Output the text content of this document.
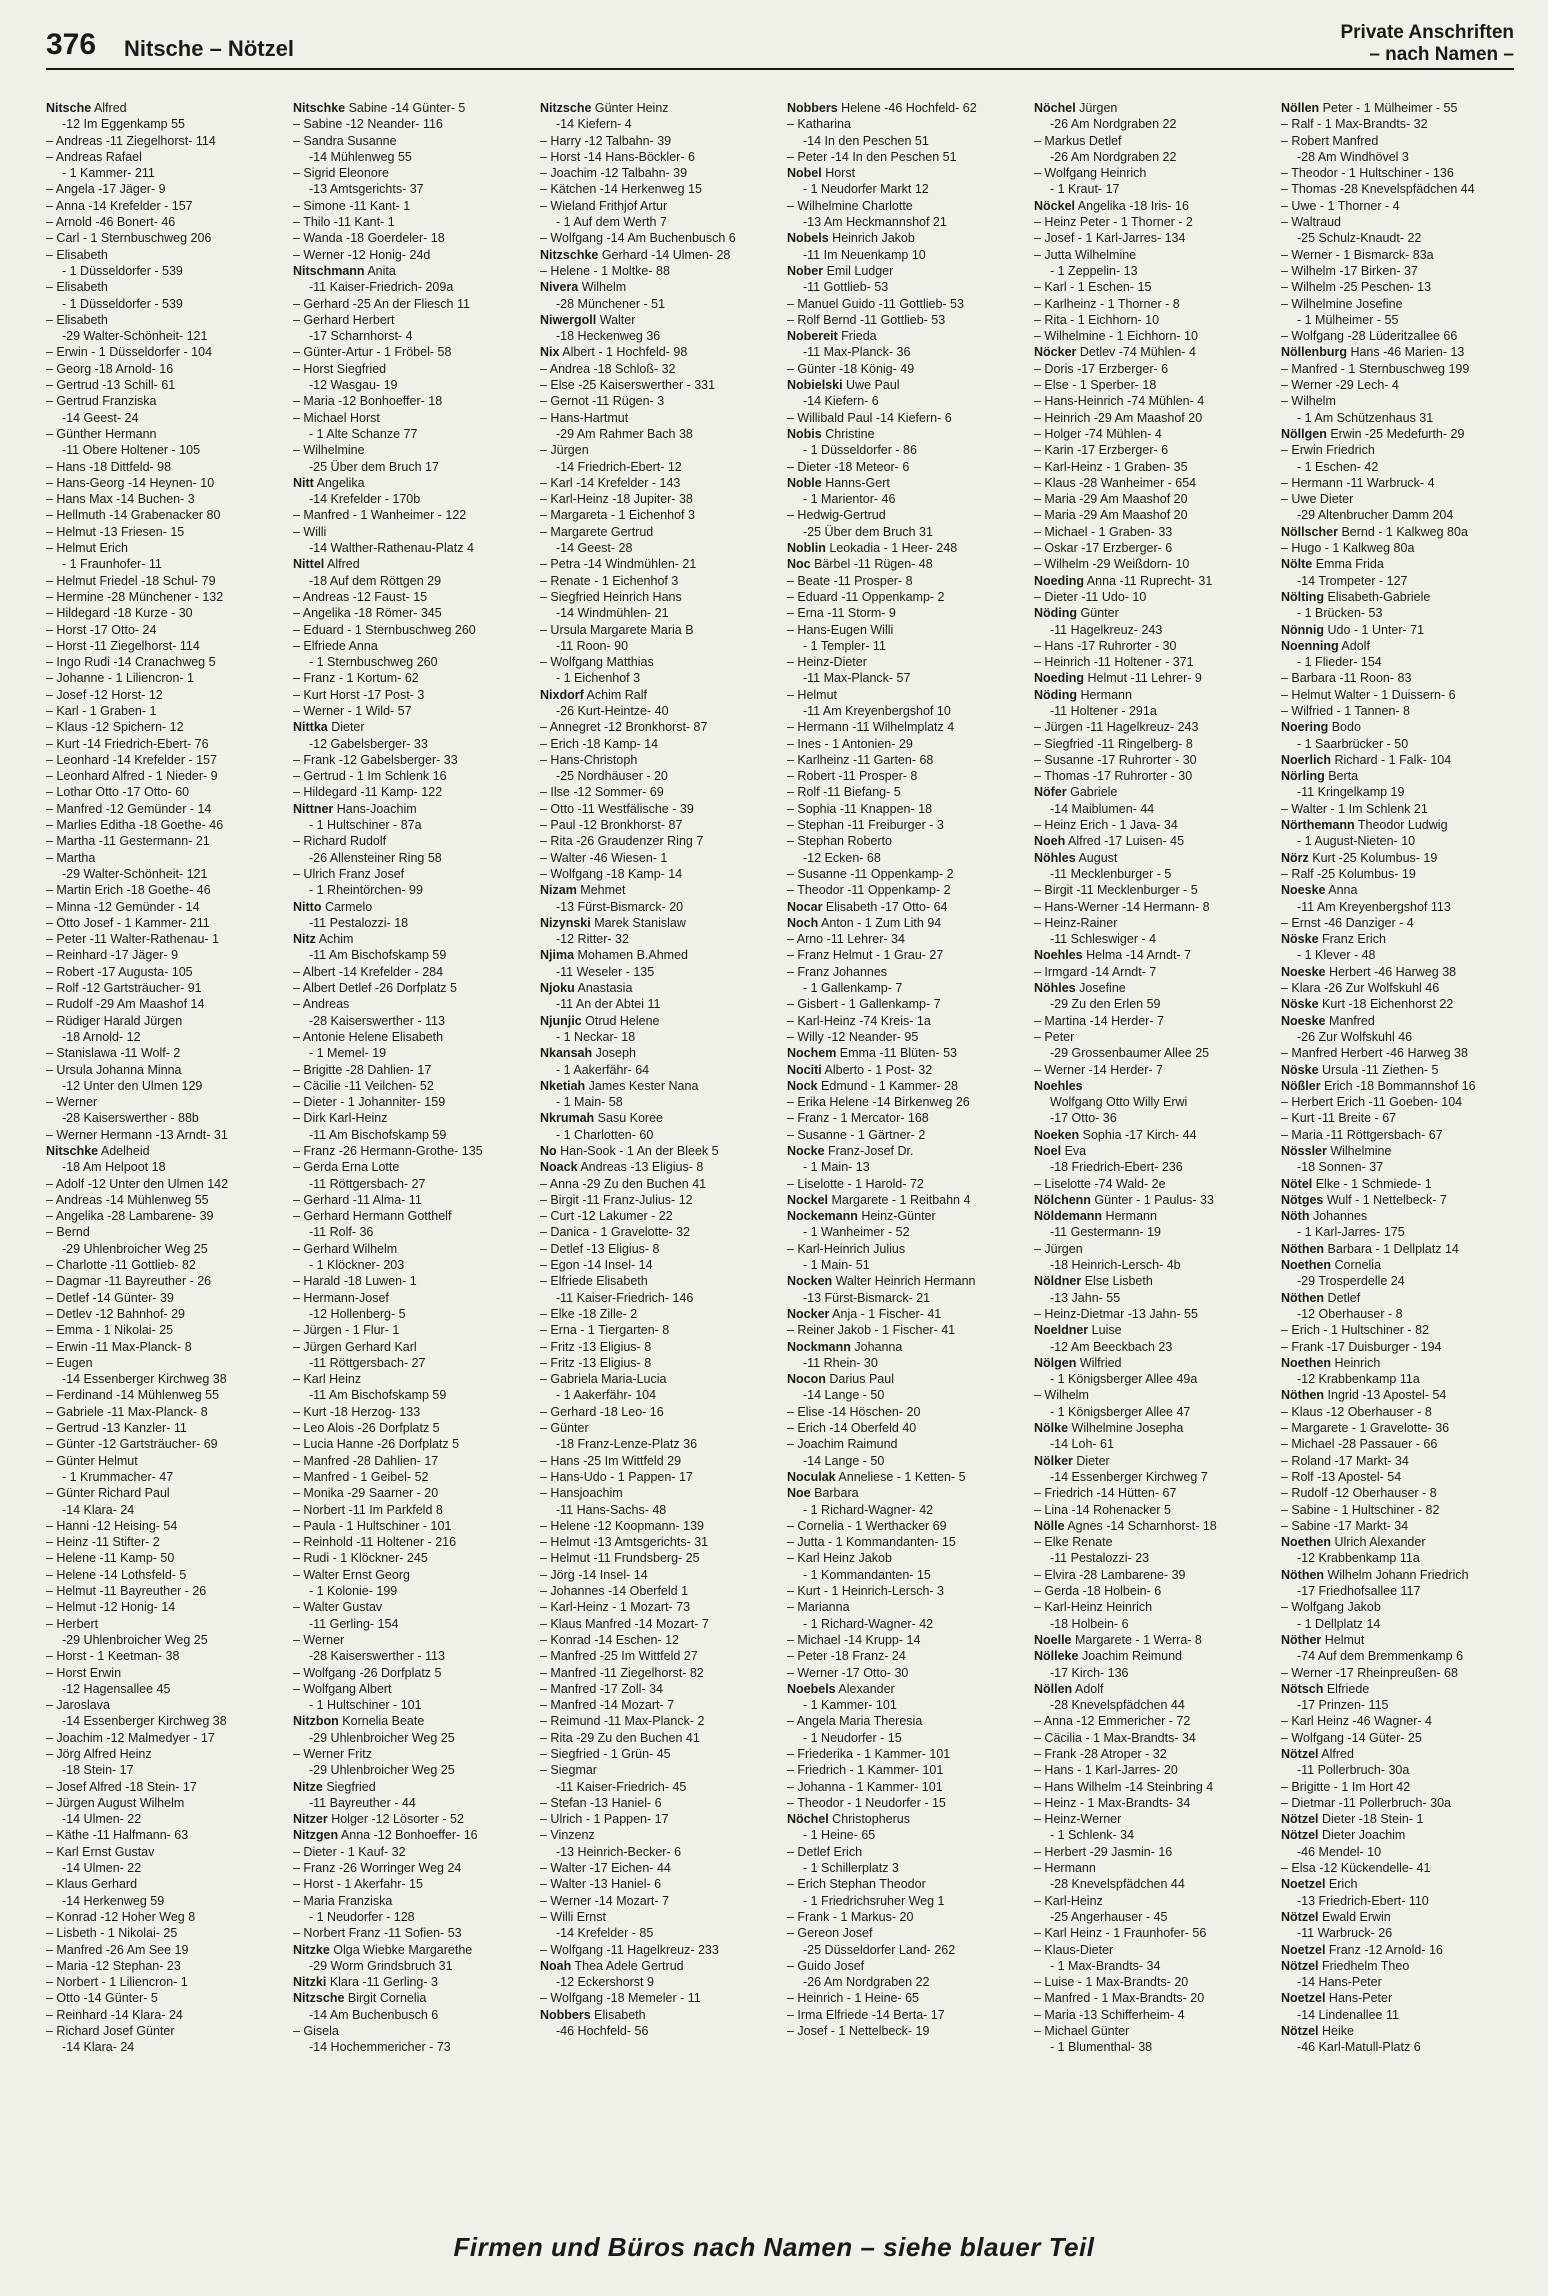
376 Nitsche – Nötzel
Private Anschriften
– nach Namen –
Nitsche Alfred
-12 Im Eggenkamp 55
– Andreas -11 Ziegelhorst- 114
– Andreas Rafael
- 1 Kammer- 211
– Angela -17 Jäger- 9
– Anna -14 Krefelder - 157
– Arnold -46 Bonert- 46
– Carl - 1 Sternbuschweg 206
– Elisabeth
- 1 Düsseldorfer - 539
– Elisabeth
- 1 Düsseldorfer - 539
– Elisabeth
-29 Walter-Schönheit- 121
– Erwin - 1 Düsseldorfer - 104
– Georg -18 Arnold- 16
– Gertrud -13 Schill- 61
– Gertrud Franziska
-14 Geest- 24
– Günther Hermann
-11 Obere Holtener - 105
– Hans -18 Dittfeld- 98
– Hans-Georg -14 Heynen- 10
– Hans Max -14 Buchen- 3
– Hellmuth -14 Grabenacker 80
– Helmut -13 Friesen- 15
– Helmut Erich
- 1 Fraunhofer- 11
– Helmut Friedel -18 Schul- 79
– Hermine -28 Münchener - 132
– Hildegard -18 Kurze - 30
– Horst -17 Otto- 24
– Horst -11 Ziegelhorst- 114
– Ingo Rudi -14 Cranachweg 5
– Johanne - 1 Liliencron- 1
– Josef -12 Horst- 12
– Karl - 1 Graben- 1
– Klaus -12 Spichern- 12
– Kurt -14 Friedrich-Ebert- 76
– Leonhard -14 Krefelder - 157
– Leonhard Alfred - 1 Nieder- 9
– Lothar Otto -17 Otto- 60
– Manfred -12 Gemünder - 14
– Marlies Editha -18 Goethe- 46
– Martha -11 Gestermann- 21
– Martha
-29 Walter-Schönheit- 121
– Martin Erich -18 Goethe- 46
– Minna -12 Gemünder - 14
– Otto Josef - 1 Kammer- 211
– Peter -11 Walter-Rathenau- 1
– Reinhard -17 Jäger- 9
– Robert -17 Augusta- 105
– Rolf -12 Gartsträucher- 91
– Rudolf -29 Am Maashof 14
– Rüdiger Harald Jürgen
-18 Arnold- 12
– Stanislawa -11 Wolf- 2
– Ursula Johanna Minna
-12 Unter den Ulmen 129
– Werner
-28 Kaiserswerther - 88b
– Werner Hermann -13 Arndt- 31
Nitschke Adelheid
-18 Am Helpoot 18
– Adolf -12 Unter den Ulmen 142
– Andreas -14 Mühlenweg 55
– Angelika -28 Lambarene- 39
– Bernd
-29 Uhlenbroicher Weg 25
– Charlotte -11 Gottlieb- 82
– Dagmar -11 Bayreuther - 26
– Detlef -14 Günter- 39
– Detlev -12 Bahnhof- 29
– Emma - 1 Nikolai- 25
– Erwin -11 Max-Planck- 8
– Eugen
-14 Essenberger Kirchweg 38
– Ferdinand -14 Mühlenweg 55
– Gabriele -11 Max-Planck- 8
– Gertrud -13 Kanzler- 11
– Günter -12 Gartsträucher- 69
– Günter Helmut
- 1 Krummacher- 47
– Günter Richard Paul
-14 Klara- 24
– Hanni -12 Heising- 54
– Heinz -11 Stifter- 2
– Helene -11 Kamp- 50
– Helene -14 Lothsfeld- 5
– Helmut -11 Bayreuther - 26
– Helmut -12 Honig- 14
– Herbert
-29 Uhlenbroicher Weg 25
– Horst - 1 Keetman- 38
– Horst Erwin
-12 Hagensallee 45
– Jaroslava
-14 Essenberger Kirchweg 38
– Joachim -12 Malmedyer - 17
– Jörg Alfred Heinz
-18 Stein- 17
– Josef Alfred -18 Stein- 17
– Jürgen August Wilhelm
-14 Ulmen- 22
– Käthe -11 Halfmann- 63
– Karl Ernst Gustav
-14 Ulmen- 22
– Klaus Gerhard
-14 Herkenweg 59
– Konrad -12 Hoher Weg 8
– Lisbeth - 1 Nikolai- 25
– Manfred -26 Am See 19
– Maria -12 Stephan- 23
– Norbert - 1 Liliencron- 1
– Otto -14 Günter- 5
– Reinhard -14 Klara- 24
– Richard Josef Günter
-14 Klara- 24
Nitschke Sabine -14 Günter- 5
– Sabine -12 Neander- 116
– Sandra Susanne
-14 Mühlenweg 55
– Sigrid Eleonore
-13 Amtsgerichts- 37
– Simone -11 Kant- 1
– Thilo -11 Kant- 1
– Wanda -18 Goerdeler- 18
– Werner -12 Honig- 24d
Nitschmann Anita
-11 Kaiser-Friedrich- 209a
– Gerhard -25 An der Fliesch 11
– Gerhard Herbert
-17 Scharnhorst- 4
– Günter-Artur - 1 Fröbel- 58
– Horst Siegfried
-12 Wasgau- 19
– Maria -12 Bonhoeffer- 18
– Michael Horst
- 1 Alte Schanze 77
– Wilhelmine
-25 Über dem Bruch 17
Nitt Angelika
-14 Krefelder - 170b
– Manfred - 1 Wanheimer - 122
– Willi
-14 Walther-Rathenau-Platz 4
Nittel Alfred
-18 Auf dem Röttgen 29
– Andreas -12 Faust- 15
– Angelika -18 Römer- 345
– Eduard - 1 Sternbuschweg 260
– Elfriede Anna
- 1 Sternbuschweg 260
– Franz - 1 Kortum- 62
– Kurt Horst -17 Post- 3
– Werner - 1 Wild- 57
Nittka Dieter
-12 Gabelsberger- 33
– Frank -12 Gabelsberger- 33
– Gertrud - 1 Im Schlenk 16
– Hildegard -11 Kamp- 122
Nittner Hans-Joachim
- 1 Hultschiner - 87a
– Richard Rudolf
-26 Allensteiner Ring 58
– Ulrich Franz Josef
- 1 Rheintörchen- 99
Nitto Carmelo
-11 Pestalozzi- 18
Nitz Achim
-11 Am Bischofskamp 59
– Albert -14 Krefelder - 284
– Albert Detlef -26 Dorfplatz 5
– Andreas
-28 Kaiserswerther - 113
– Antonie Helene Elisabeth
- 1 Memel- 19
– Brigitte -28 Dahlien- 17
– Cäcilie -11 Veilchen- 52
– Dieter - 1 Johanniter- 159
– Dirk Karl-Heinz
-11 Am Bischofskamp 59
– Franz -26 Hermann-Grothe- 135
– Gerda Erna Lotte
-11 Röttgersbach- 27
– Gerhard -11 Alma- 11
– Gerhard Hermann Gotthelf
-11 Rolf- 36
– Gerhard Wilhelm
- 1 Klöckner- 203
– Harald -18 Luwen- 1
– Hermann-Josef
-12 Hollenberg- 5
– Jürgen - 1 Flur- 1
– Jürgen Gerhard Karl
-11 Röttgersbach- 27
– Karl Heinz
-11 Am Bischofskamp 59
– Kurt -18 Herzog- 133
– Leo Alois -26 Dorfplatz 5
– Lucia Hanne -26 Dorfplatz 5
– Manfred -28 Dahlien- 17
– Manfred - 1 Geibel- 52
– Monika -29 Saarner - 20
– Norbert -11 Im Parkfeld 8
– Paula - 1 Hultschiner - 101
– Reinhold -11 Holtener - 216
– Rudi - 1 Klöckner- 245
– Walter Ernst Georg
- 1 Kolonie- 199
– Walter Gustav
-11 Gerling- 154
– Werner
-28 Kaiserswerther - 113
– Wolfgang -26 Dorfplatz 5
– Wolfgang Albert
- 1 Hultschiner - 101
Nitzbon Kornelia Beate
-29 Uhlenbroicher Weg 25
– Werner Fritz
-29 Uhlenbroicher Weg 25
Nitze Siegfried
-11 Bayreuther - 44
Nitzer Holger -12 Lösorter - 52
Nitzgen Anna -12 Bonhoeffer- 16
– Dieter - 1 Kauf- 32
– Franz -26 Worringer Weg 24
– Horst - 1 Akerfahr- 15
– Maria Franziska
- 1 Neudorfer - 128
– Norbert Franz -11 Sofien- 53
Nitzke Olga Wiebke Margarethe
-29 Worm Grindsbruch 31
Nitzki Klara -11 Gerling- 3
Nitzsche Birgit Cornelia
-14 Am Buchenbusch 6
– Gisela
-14 Hochemmericher - 73
Nitzsche Günter Heinz
-14 Kiefern- 4
– Harry -12 Talbahn- 39
– Horst -14 Hans-Böckler- 6
– Joachim -12 Talbahn- 39
– Kätchen -14 Herkenweg 15
– Wieland Frithjof Artur
- 1 Auf dem Werth 7
– Wolfgang -14 Am Buchenbusch 6
Nitzschke Gerhard -14 Ulmen- 28
– Helene - 1 Moltke- 88
Nivera Wilhelm
-28 Münchener - 51
Niwergoll Walter
-18 Heckenweg 36
Nix Albert - 1 Hochfeld- 98
– Andrea -18 Schloß- 32
– Else -25 Kaiserswerther - 331
– Gernot -11 Rügen- 3
– Hans-Hartmut
-29 Am Rahmer Bach 38
– Jürgen
-14 Friedrich-Ebert- 12
– Karl -14 Krefelder - 143
– Karl-Heinz -18 Jupiter- 38
– Margareta - 1 Eichenhof 3
– Margarete Gertrud
-14 Geest- 28
– Petra -14 Windmühlen- 21
– Renate - 1 Eichenhof 3
– Siegfried Heinrich Hans
-14 Windmühlen- 21
– Ursula Margarete Maria B
-11 Roon- 90
– Wolfgang Matthias
- 1 Eichenhof 3
Nixdorf Achim Ralf
-26 Kurt-Heintze- 40
– Annegret -12 Bronkhorst- 87
– Erich -18 Kamp- 14
– Hans-Christoph
-25 Nordhäuser - 20
– Ilse -12 Sommer- 69
– Otto -11 Westfälische - 39
– Paul -12 Bronkhorst- 87
– Rita -26 Graudenzer Ring 7
– Walter -46 Wiesen- 1
– Wolfgang -18 Kamp- 14
Nizam Mehmet
-13 Fürst-Bismarck- 20
Nizynski Marek Stanislaw
-12 Ritter- 32
Njima Mohamen B.Ahmed
-11 Weseler - 135
Njoku Anastasia
-11 An der Abtei 11
Njunjic Otrud Helene
- 1 Neckar- 18
Nkansah Joseph
- 1 Aakerfähr- 64
Nketiah James Kester Nana
- 1 Main- 58
Nkrumah Sasu Koree
- 1 Charlotten- 60
No Han-Sook - 1 An der Bleek 5
Noack Andreas -13 Eligius- 8
– Anna -29 Zu den Buchen 41
– Birgit -11 Franz-Julius- 12
– Curt -12 Lakumer - 22
– Danica - 1 Gravelotte- 32
– Detlef -13 Eligius- 8
– Egon -14 Insel- 14
– Elfriede Elisabeth
-11 Kaiser-Friedrich- 146
– Elke -18 Zille- 2
– Erna - 1 Tiergarten- 8
– Fritz -13 Eligius- 8
– Fritz -13 Eligius- 8
– Gabriela Maria-Lucia
- 1 Aakerfähr- 104
– Gerhard -18 Leo- 16
– Günter
-18 Franz-Lenze-Platz 36
– Hans -25 Im Wittfeld 29
– Hans-Udo - 1 Pappen- 17
– Hansjoachim
-11 Hans-Sachs- 48
– Helene -12 Koopmann- 139
– Helmut -13 Amtsgerichts- 31
– Helmut -11 Frundsberg- 25
– Jörg -14 Insel- 14
– Johannes -14 Oberfeld 1
– Karl-Heinz - 1 Mozart- 73
– Klaus Manfred -14 Mozart- 7
– Konrad -14 Eschen- 12
– Manfred -25 Im Wittfeld 27
– Manfred -11 Ziegelhorst- 82
– Manfred -17 Zoll- 34
– Manfred -14 Mozart- 7
– Reimund -11 Max-Planck- 2
– Rita -29 Zu den Buchen 41
– Siegfried - 1 Grün- 45
– Siegmar
-11 Kaiser-Friedrich- 45
– Stefan -13 Haniel- 6
– Ulrich - 1 Pappen- 17
– Vinzenz
-13 Heinrich-Becker- 6
– Walter -17 Eichen- 44
– Walter -13 Haniel- 6
– Werner -14 Mozart- 7
– Willi Ernst
-14 Krefelder - 85
– Wolfgang -11 Hagelkreuz- 233
Noah Thea Adele Gertrud
-12 Eckershorst 9
– Wolfgang -18 Memeler - 11
Nobbers Elisabeth
-46 Hochfeld- 56
Nobbers Helene -46 Hochfeld- 62
– Katharina
-14 In den Peschen 51
– Peter -14 In den Peschen 51
Nobel Horst
- 1 Neudorfer Markt 12
– Wilhelmine Charlotte
-13 Am Heckmannshof 21
Nobels Heinrich Jakob
-11 Im Neuenkamp 10
Nober Emil Ludger
-11 Gottlieb- 53
– Manuel Guido -11 Gottlieb- 53
– Rolf Bernd -11 Gottlieb- 53
Nobereit Frieda
-11 Max-Planck- 36
– Günter -18 König- 49
Nobielski Uwe Paul
-14 Kiefern- 6
– Willibald Paul -14 Kiefern- 6
Nobis Christine
- 1 Düsseldorfer - 86
– Dieter -18 Meteor- 6
Noble Hanns-Gert
- 1 Marientor- 46
– Hedwig-Gertrud
-25 Über dem Bruch 31
Noblin Leokadia - 1 Heer- 248
Noc Bärbel -11 Rügen- 48
– Beate -11 Prosper- 8
– Eduard -11 Oppenkamp- 2
– Erna -11 Storm- 9
– Hans-Eugen Willi
- 1 Templer- 11
– Heinz-Dieter
-11 Max-Planck- 57
– Helmut
-11 Am Kreyenbergshof 10
– Hermann -11 Wilhelmplatz 4
– Ines - 1 Antonien- 29
– Karlheinz -11 Garten- 68
– Robert -11 Prosper- 8
– Rolf -11 Biefang- 5
– Sophia -11 Knappen- 18
– Stephan -11 Freiburger - 3
– Stephan Roberto
-12 Ecken- 68
– Susanne -11 Oppenkamp- 2
– Theodor -11 Oppenkamp- 2
Nocar Elisabeth -17 Otto- 64
Noch Anton - 1 Zum Lith 94
– Arno -11 Lehrer- 34
– Franz Helmut - 1 Grau- 27
– Franz Johannes
- 1 Gallenkamp- 7
– Gisbert - 1 Gallenkamp- 7
– Karl-Heinz -74 Kreis- 1a
– Willy -12 Neander- 95
Nochem Emma -11 Blüten- 53
Nociti Alberto - 1 Post- 32
Nock Edmund - 1 Kammer- 28
– Erika Helene -14 Birkenweg 26
– Franz - 1 Mercator- 168
– Susanne - 1 Gärtner- 2
Nocke Franz-Josef Dr.
- 1 Main- 13
– Liselotte - 1 Harold- 72
Nockel Margarete - 1 Reitbahn 4
Nockemann Heinz-Günter
- 1 Wanheimer - 52
– Karl-Heinrich Julius
- 1 Main- 51
Nocken Walter Heinrich Hermann
-13 Fürst-Bismarck- 21
Nocker Anja - 1 Fischer- 41
– Reiner Jakob - 1 Fischer- 41
Nockmann Johanna
-11 Rhein- 30
Nocon Darius Paul
-14 Lange - 50
– Elise -14 Höschen- 20
– Erich -14 Oberfeld 40
– Joachim Raimund
-14 Lange - 50
Noculak Anneliese - 1 Ketten- 5
Noe Barbara
- 1 Richard-Wagner- 42
– Cornelia - 1 Werthacker 69
– Jutta - 1 Kommandanten- 15
– Karl Heinz Jakob
- 1 Kommandanten- 15
– Kurt - 1 Heinrich-Lersch- 3
– Marianna
- 1 Richard-Wagner- 42
– Michael -14 Krupp- 14
– Peter -18 Franz- 24
– Werner -17 Otto- 30
Noebels Alexander
- 1 Kammer- 101
– Angela Maria Theresia
- 1 Neudorfer - 15
– Friederika - 1 Kammer- 101
– Friedrich - 1 Kammer- 101
– Johanna - 1 Kammer- 101
– Theodor - 1 Neudorfer - 15
Nöchel Christopherus
- 1 Heine- 65
– Detlef Erich
- 1 Schillerplatz 3
– Erich Stephan Theodor
- 1 Friedrichsruher Weg 1
– Frank - 1 Markus- 20
– Gereon Josef
-25 Düsseldorfer Land- 262
– Guido Josef
-26 Am Nordgraben 22
– Heinrich - 1 Heine- 65
– Irma Elfriede -14 Berta- 17
– Josef - 1 Nettelbeck- 19
Nöchel Jürgen
-26 Am Nordgraben 22
– Markus Detlef
-26 Am Nordgraben 22
– Wolfgang Heinrich
- 1 Kraut- 17
Nöckel Angelika -18 Iris- 16
– Heinz Peter - 1 Thorner - 2
– Josef - 1 Karl-Jarres- 134
– Jutta Wilhelmine
- 1 Zeppelin- 13
– Karl - 1 Eschen- 15
– Karlheinz - 1 Thorner - 8
– Rita - 1 Eichhorn- 10
– Wilhelmine - 1 Eichhorn- 10
Nöcker Detlev -74 Mühlen- 4
– Doris -17 Erzberger- 6
– Else - 1 Sperber- 18
– Hans-Heinrich -74 Mühlen- 4
– Heinrich -29 Am Maashof 20
– Holger -74 Mühlen- 4
– Karin -17 Erzberger- 6
– Karl-Heinz - 1 Graben- 35
– Klaus -28 Wanheimer - 654
– Maria -29 Am Maashof 20
– Maria -29 Am Maashof 20
– Michael - 1 Graben- 33
– Oskar -17 Erzberger- 6
– Wilhelm -29 Weißdorn- 10
Noeding Anna -11 Ruprecht- 31
– Dieter -11 Udo- 10
Nöding Günter
-11 Hagelkreuz- 243
– Hans -17 Ruhrorter - 30
– Heinrich -11 Holtener - 371
Noeding Helmut -11 Lehrer- 9
Nöding Hermann
-11 Holtener - 291a
– Jürgen -11 Hagelkreuz- 243
– Siegfried -11 Ringelberg- 8
– Susanne -17 Ruhrorter - 30
– Thomas -17 Ruhrorter - 30
Nöfer Gabriele
-14 Maiblumen- 44
– Heinz Erich - 1 Java- 34
Noeh Alfred -17 Luisen- 45
Nöhles August
-11 Mecklenburger - 5
– Birgit -11 Mecklenburger - 5
– Hans-Werner -14 Hermann- 8
– Heinz-Rainer
-11 Schleswiger - 4
Noehles Helma -14 Arndt- 7
– Irmgard -14 Arndt- 7
Nöhles Josefine
-29 Zu den Erlen 59
– Martina -14 Herder- 7
– Peter
-29 Grossenbaumer Allee 25
– Werner -14 Herder- 7
Noehles
Wolfgang Otto Willy Erwi
-17 Otto- 36
Noeken Sophia -17 Kirch- 44
Noel Eva
-18 Friedrich-Ebert- 236
– Liselotte -74 Wald- 2e
Nölchenn Günter - 1 Paulus- 33
Nöldemann Hermann
-11 Gestermann- 19
– Jürgen
-18 Heinrich-Lersch- 4b
Nöldner Else Lisbeth
-13 Jahn- 55
– Heinz-Dietmar -13 Jahn- 55
Noeldner Luise
-12 Am Beeckbach 23
Nölgen Wilfried
- 1 Königsberger Allee 49a
– Wilhelm
- 1 Königsberger Allee 47
Nölke Wilhelmine Josepha
-14 Loh- 61
Nölker Dieter
-14 Essenberger Kirchweg 7
– Friedrich -14 Hütten- 67
– Lina -14 Rohenacker 5
Nölle Agnes -14 Scharnhorst- 18
– Elke Renate
-11 Pestalozzi- 23
– Elvira -28 Lambarene- 39
– Gerda -18 Holbein- 6
– Karl-Heinz Heinrich
-18 Holbein- 6
Noelle Margarete - 1 Werra- 8
Nölleke Joachim Reimund
-17 Kirch- 136
Nöllen Adolf
-28 Knevelspfädchen 44
– Anna -12 Emmericher - 72
– Cäcilia - 1 Max-Brandts- 34
– Frank -28 Atroper - 32
– Hans - 1 Karl-Jarres- 20
– Hans Wilhelm -14 Steinbring 4
– Heinz - 1 Max-Brandts- 34
– Heinz-Werner
- 1 Schlenk- 34
– Herbert -29 Jasmin- 16
– Hermann
-28 Knevelspfädchen 44
– Karl-Heinz
-25 Angerhauser - 45
– Karl Heinz - 1 Fraunhofer- 56
– Klaus-Dieter
- 1 Max-Brandts- 34
– Luise - 1 Max-Brandts- 20
– Manfred - 1 Max-Brandts- 20
– Maria -13 Schifferheim- 4
– Michael Günter
- 1 Blumenthal- 38
Nöllen Peter - 1 Mülheimer - 55
– Ralf - 1 Max-Brandts- 32
– Robert Manfred
-28 Am Windhövel 3
– Theodor - 1 Hultschiner - 136
– Thomas -28 Knevelspfädchen 44
– Uwe - 1 Thorner - 4
– Waltraud
-25 Schulz-Knaudt- 22
– Werner - 1 Bismarck- 83a
– Wilhelm -17 Birken- 37
– Wilhelm -25 Peschen- 13
– Wilhelmine Josefine
- 1 Mülheimer - 55
– Wolfgang -28 Lüderitzallee 66
Nöllenburg Hans -46 Marien- 13
– Manfred - 1 Sternbuschweg 199
– Werner -29 Lech- 4
– Wilhelm
- 1 Am Schützenhaus 31
Nöllgen Erwin -25 Medefurth- 29
– Erwin Friedrich
- 1 Eschen- 42
– Hermann -11 Warbruck- 4
– Uwe Dieter
-29 Altenbrucher Damm 204
Nöllscher Bernd - 1 Kalkweg 80a
– Hugo - 1 Kalkweg 80a
Nölte Emma Frida
-14 Trompeter - 127
Nölting Elisabeth-Gabriele
- 1 Brücken- 53
Nönnig Udo - 1 Unter- 71
Noenning Adolf
- 1 Flieder- 154
– Barbara -11 Roon- 83
– Helmut Walter - 1 Duissern- 6
– Wilfried - 1 Tannen- 8
Noering Bodo
- 1 Saarbrücker - 50
Noerlich Richard - 1 Falk- 104
Nörling Berta
-11 Kringelkamp 19
– Walter - 1 Im Schlenk 21
Nörthemann Theodor Ludwig
- 1 August-Nieten- 10
Nörz Kurt -25 Kolumbus- 19
– Ralf -25 Kolumbus- 19
Noeske Anna
-11 Am Kreyenbergshof 113
– Ernst -46 Danziger - 4
Nöske Franz Erich
- 1 Klever - 48
Noeske Herbert -46 Harweg 38
– Klara -26 Zur Wolfskuhl 46
Nöske Kurt -18 Eichenhorst 22
Noeske Manfred
-26 Zur Wolfskuhl 46
– Manfred Herbert -46 Harweg 38
Nöske Ursula -11 Ziethen- 5
Nößler Erich -18 Bommannshof 16
– Herbert Erich -11 Goeben- 104
– Kurt -11 Breite - 67
– Maria -11 Röttgersbach- 67
Nössler Wilhelmine
-18 Sonnen- 37
Nötel Elke - 1 Schmiede- 1
Nötges Wulf - 1 Nettelbeck- 7
Nöth Johannes
- 1 Karl-Jarres- 175
Nöthen Barbara - 1 Dellplatz 14
Noethen Cornelia
-29 Trosperdelle 24
Nöthen Detlef
-12 Oberhauser - 8
– Erich - 1 Hultschiner - 82
– Frank -17 Duisburger - 194
Noethen Heinrich
-12 Krabbenkamp 11a
Nöthen Ingrid -13 Apostel- 54
– Klaus -12 Oberhauser - 8
– Margarete - 1 Gravelotte- 36
– Michael -28 Passauer - 66
– Roland -17 Markt- 34
– Rolf -13 Apostel- 54
– Rudolf -12 Oberhauser - 8
– Sabine - 1 Hultschiner - 82
– Sabine -17 Markt- 34
Noethen Ulrich Alexander
-12 Krabbenkamp 11a
Nöthen Wilhelm Johann Friedrich
-17 Friedhofsallee 117
– Wolfgang Jakob
- 1 Dellplatz 14
Nöther Helmut
-74 Auf dem Bremmenkamp 6
– Werner -17 Rheinpreußen- 68
Nötsch Elfriede
-17 Prinzen- 115
– Karl Heinz -46 Wagner- 4
– Wolfgang -14 Güter- 25
Nötzel Alfred
-11 Pollerbruch- 30a
– Brigitte - 1 Im Hort 42
– Dietmar -11 Pollerbruch- 30a
Nötzel Dieter -18 Stein- 1
Nötzel Dieter Joachim
-46 Mendel- 10
– Elsa -12 Kückendelle- 41
Noetzel Erich
-13 Friedrich-Ebert- 110
Nötzel Ewald Erwin
-11 Warbruck- 26
Noetzel Franz -12 Arnold- 16
Nötzel Friedhelm Theo
-14 Hans-Peter
Noetzel Hans-Peter
-14 Lindenallee 11
Nötzel Heike
-46 Karl-Matull-Platz 6
Firmen und Büros nach Namen – siehe blauer Teil
